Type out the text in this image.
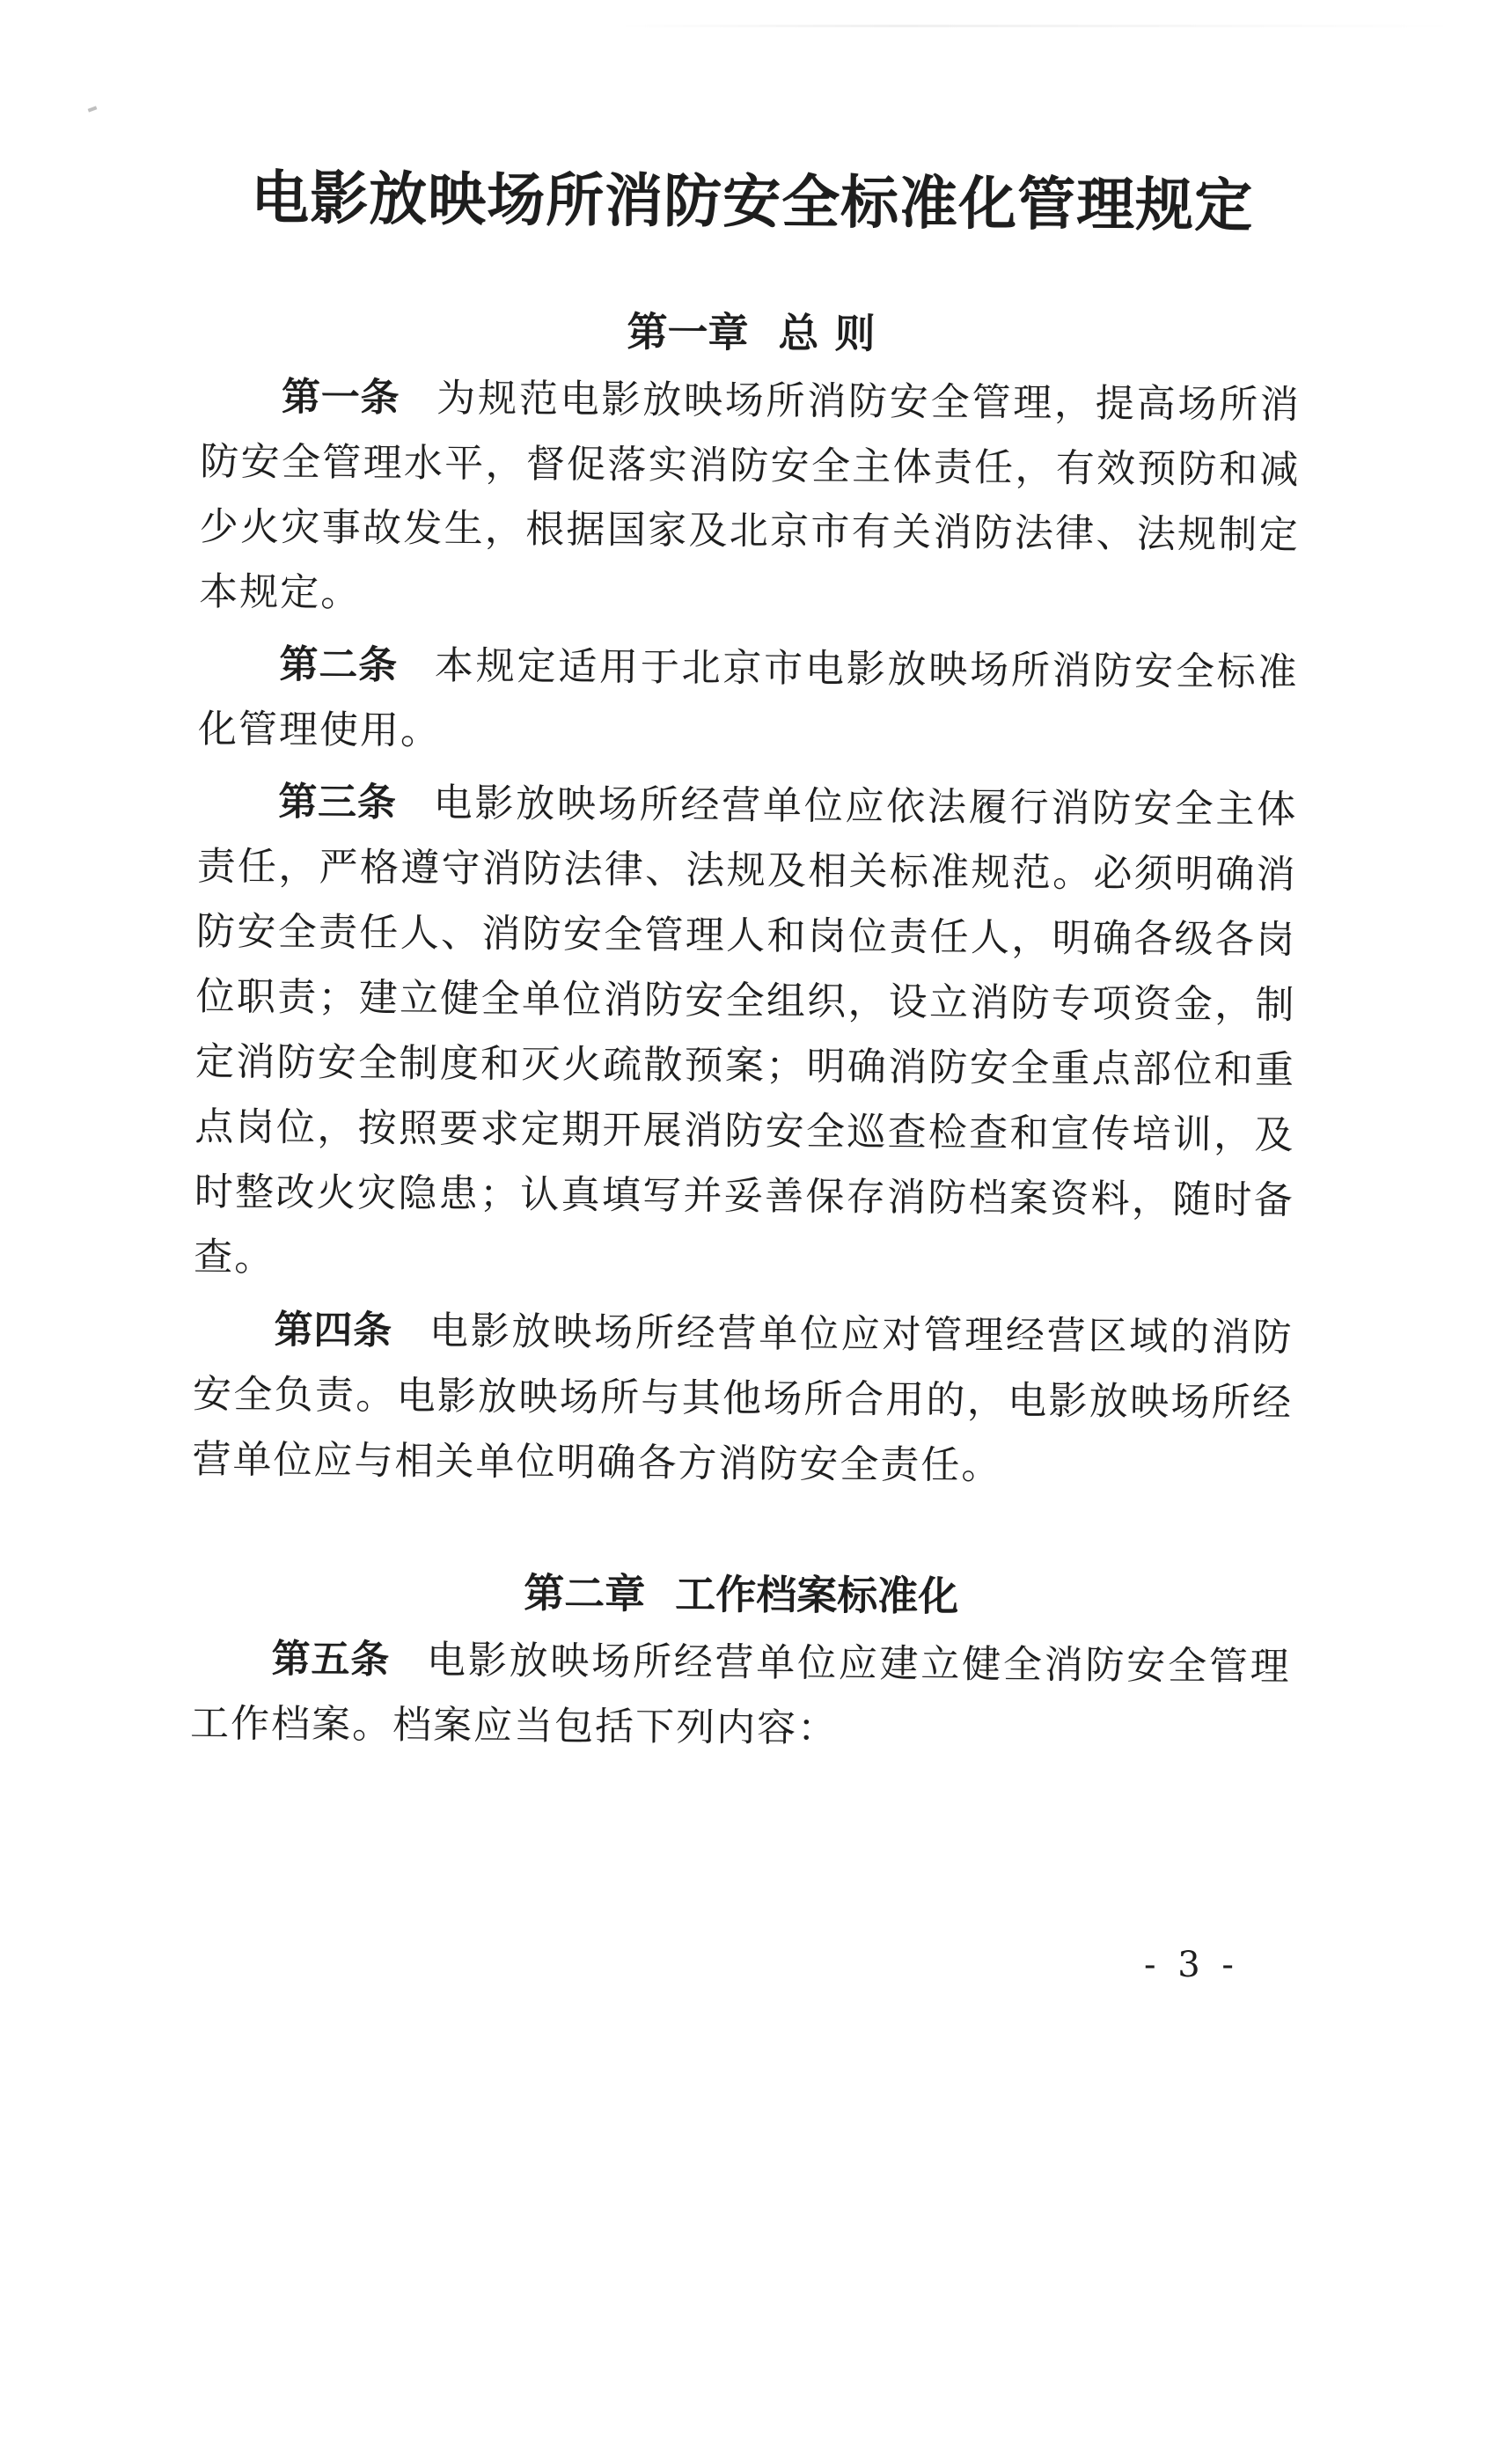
电影放映场所消防安全标准化管理规定
第一章 总 则

第一条 为规范电影放映场所消防安全管理，提高场所消防安全管理水平，督促落实消防安全主体责任，有效预防和减少火灾事故发生，根据国家及北京市有关消防法律、法规制定本规定。

第二条 本规定适用于北京市电影放映场所消防安全标准化管理使用。

第三条 电影放映场所经营单位应依法履行消防安全主体责任，严格遵守消防法律、法规及相关标准规范。必须明确消防安全责任人、消防安全管理人和岗位责任人，明确各级各岗位职责；建立健全单位消防安全组织，设立消防专项资金，制定消防安全制度和灭火疏散预案；明确消防安全重点部位和重点岗位，按照要求定期开展消防安全巡查检查和宣传培训，及时整改火灾隐患；认真填写并妥善保存消防档案资料，随时备查。

第四条 电影放映场所经营单位应对管理经营区域的消防安全负责。电影放映场所与其他场所合用的，电影放映场所经营单位应与相关单位明确各方消防安全责任。

第二章 工作档案标准化

第五条 电影放映场所经营单位应建立健全消防安全管理工作档案。档案应当包括下列内容：

- 3 -
